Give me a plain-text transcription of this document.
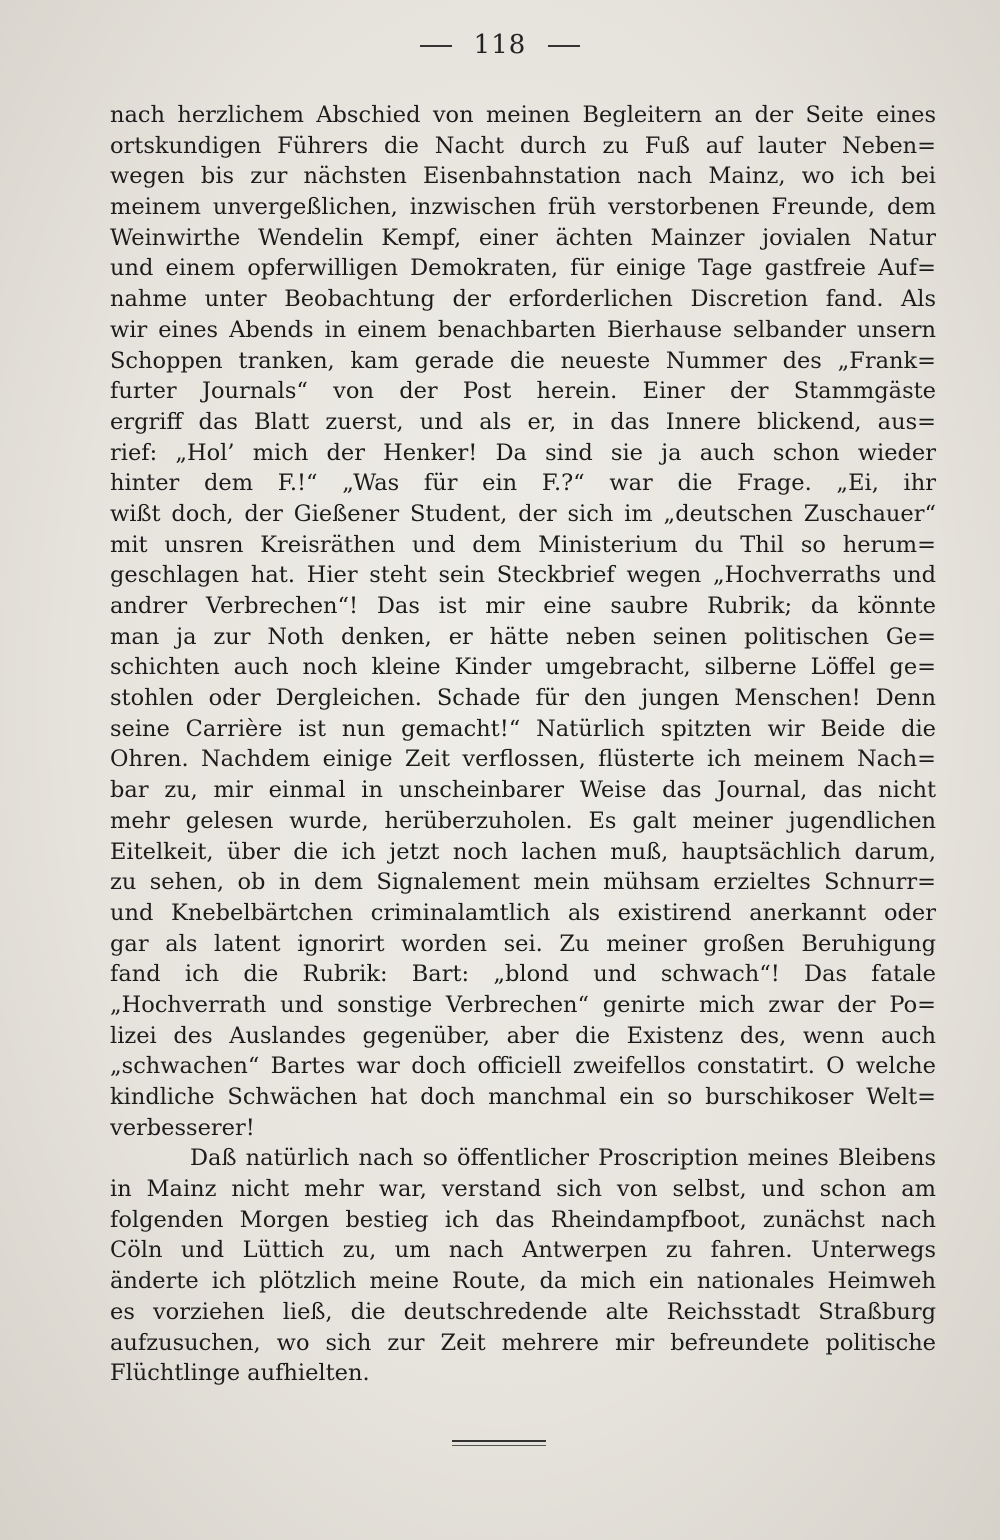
118
nach herzlichem Abschied von meinen Begleitern an der Seite eines
ortskundigen Führers die Nacht durch zu Fuß auf lauter Neben=
wegen bis zur nächsten Eisenbahnstation nach Mainz, wo ich bei
meinem unvergeßlichen, inzwischen früh verstorbenen Freunde, dem
Weinwirthe Wendelin Kempf, einer ächten Mainzer jovialen Natur
und einem opferwilligen Demokraten, für einige Tage gastfreie Auf=
nahme unter Beobachtung der erforderlichen Discretion fand. Als
wir eines Abends in einem benachbarten Bierhause selbander unsern
Schoppen tranken, kam gerade die neueste Nummer des „Frank=
furter Journals“ von der Post herein. Einer der Stammgäste
ergriff das Blatt zuerst, und als er, in das Innere blickend, aus=
rief: „Hol’ mich der Henker! Da sind sie ja auch schon wieder
hinter dem F.!“ „Was für ein F.?“ war die Frage. „Ei, ihr
wißt doch, der Gießener Student, der sich im „deutschen Zuschauer“
mit unsren Kreisräthen und dem Ministerium du Thil so herum=
geschlagen hat. Hier steht sein Steckbrief wegen „Hochverraths und
andrer Verbrechen“! Das ist mir eine saubre Rubrik; da könnte
man ja zur Noth denken, er hätte neben seinen politischen Ge=
schichten auch noch kleine Kinder umgebracht, silberne Löffel ge=
stohlen oder Dergleichen. Schade für den jungen Menschen! Denn
seine Carrière ist nun gemacht!“ Natürlich spitzten wir Beide die
Ohren. Nachdem einige Zeit verflossen, flüsterte ich meinem Nach=
bar zu, mir einmal in unscheinbarer Weise das Journal, das nicht
mehr gelesen wurde, herüberzuholen. Es galt meiner jugendlichen
Eitelkeit, über die ich jetzt noch lachen muß, hauptsächlich darum,
zu sehen, ob in dem Signalement mein mühsam erzieltes Schnurr=
und Knebelbärtchen criminalamtlich als existirend anerkannt oder
gar als latent ignorirt worden sei. Zu meiner großen Beruhigung
fand ich die Rubrik: Bart: „blond und schwach“! Das fatale
„Hochverrath und sonstige Verbrechen“ genirte mich zwar der Po=
lizei des Auslandes gegenüber, aber die Existenz des, wenn auch
„schwachen“ Bartes war doch officiell zweifellos constatirt. O welche
kindliche Schwächen hat doch manchmal ein so burschikoser Welt=
verbesserer!
Daß natürlich nach so öffentlicher Proscription meines Bleibens
in Mainz nicht mehr war, verstand sich von selbst, und schon am
folgenden Morgen bestieg ich das Rheindampfboot, zunächst nach
Cöln und Lüttich zu, um nach Antwerpen zu fahren. Unterwegs
änderte ich plötzlich meine Route, da mich ein nationales Heimweh
es vorziehen ließ, die deutschredende alte Reichsstadt Straßburg
aufzusuchen, wo sich zur Zeit mehrere mir befreundete politische
Flüchtlinge aufhielten.
